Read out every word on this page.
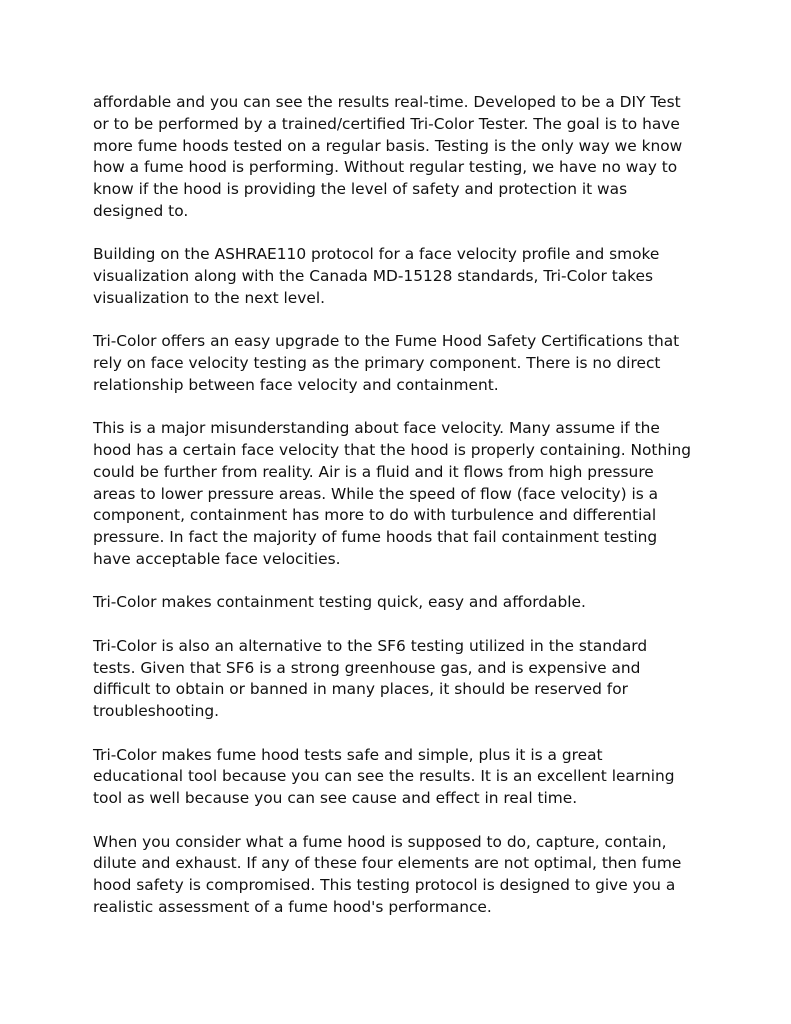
affordable and you can see the results real-time. Developed to be a DIY Test
or to be performed by a trained/certified Tri-Color Tester. The goal is to have
more fume hoods tested on a regular basis. Testing is the only way we know
how a fume hood is performing. Without regular testing, we have no way to
know if the hood is providing the level of safety and protection it was
designed to.

Building on the ASHRAE110 protocol for a face velocity profile and smoke
visualization along with the Canada MD-15128 standards, Tri-Color takes
visualization to the next level.

Tri-Color offers an easy upgrade to the Fume Hood Safety Certifications that
rely on face velocity testing as the primary component. There is no direct
relationship between face velocity and containment.

This is a major misunderstanding about face velocity. Many assume if the
hood has a certain face velocity that the hood is properly containing. Nothing
could be further from reality. Air is a fluid and it flows from high pressure
areas to lower pressure areas. While the speed of flow (face velocity) is a
component, containment has more to do with turbulence and differential
pressure. In fact the majority of fume hoods that fail containment testing
have acceptable face velocities.

Tri-Color makes containment testing quick, easy and affordable.

Tri-Color is also an alternative to the SF6 testing utilized in the standard
tests. Given that SF6 is a strong greenhouse gas, and is expensive and
difficult to obtain or banned in many places, it should be reserved for
troubleshooting.

Tri-Color makes fume hood tests safe and simple, plus it is a great
educational tool because you can see the results. It is an excellent learning
tool as well because you can see cause and effect in real time.

When you consider what a fume hood is supposed to do, capture, contain,
dilute and exhaust. If any of these four elements are not optimal, then fume
hood safety is compromised. This testing protocol is designed to give you a
realistic assessment of a fume hood's performance.
